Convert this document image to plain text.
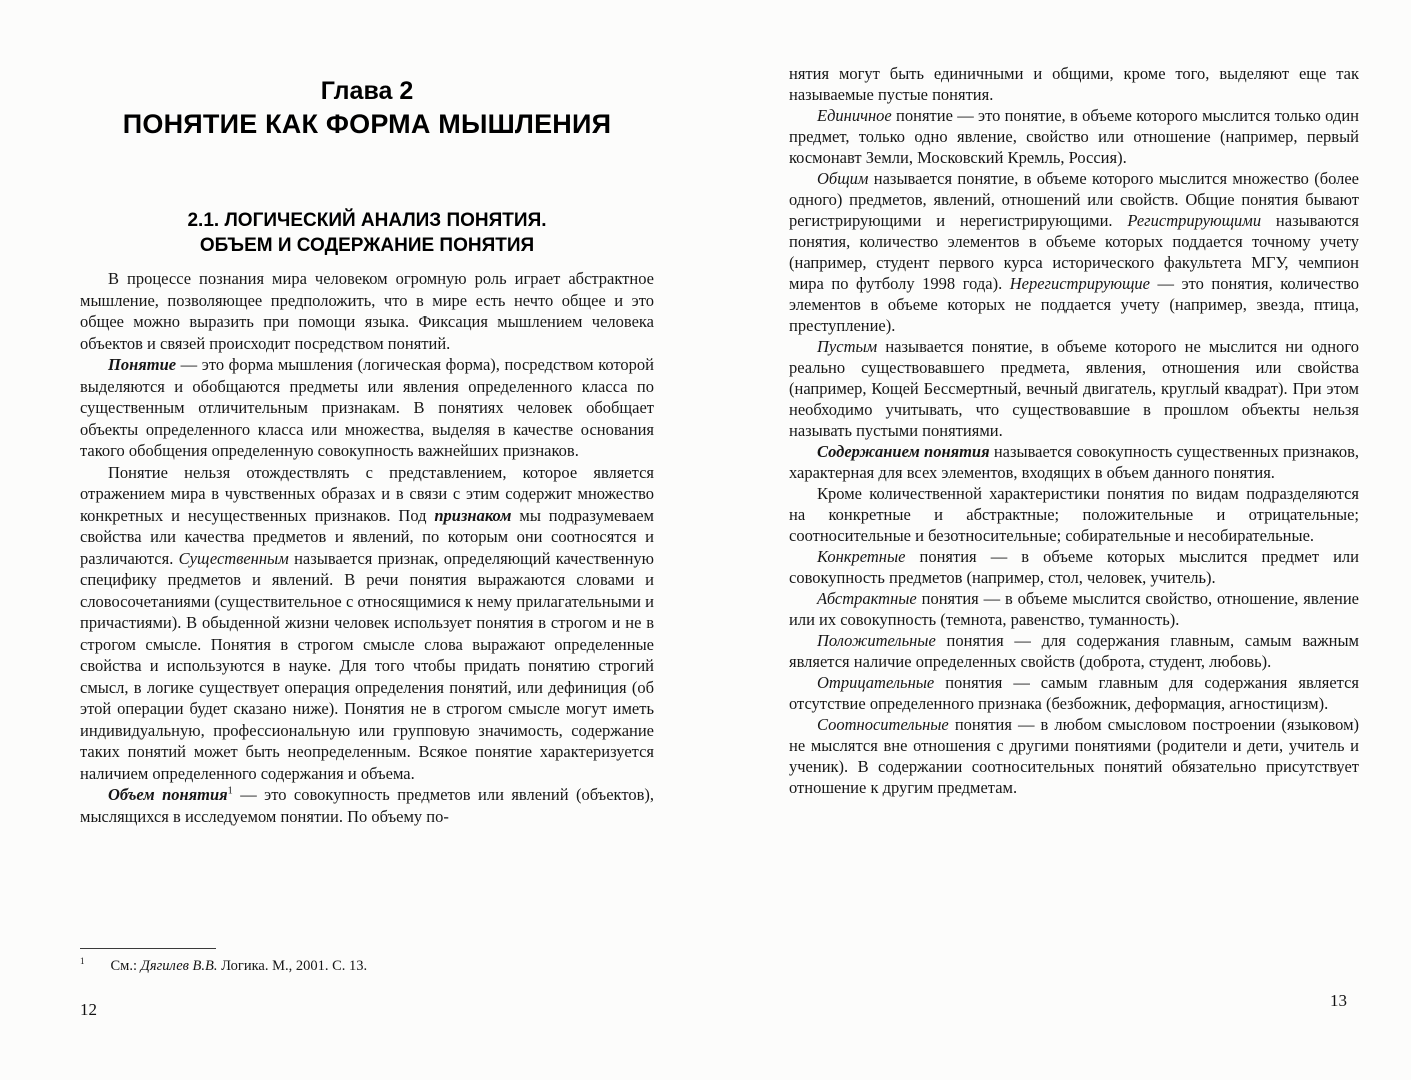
Глава 2
ПОНЯТИЕ КАК ФОРМА МЫШЛЕНИЯ
2.1. ЛОГИЧЕСКИЙ АНАЛИЗ ПОНЯТИЯ.
ОБЪЕМ И СОДЕРЖАНИЕ ПОНЯТИЯ

В процессе познания мира человеком огромную роль играет абстрактное мышление, позволяющее предположить, что в мире есть нечто общее и это общее можно выразить при помощи языка. Фиксация мышлением человека объектов и связей происходит посредством понятий.

Понятие — это форма мышления (логическая форма), посредством которой выделяются и обобщаются предметы или явления определенного класса по существенным отличительным признакам. В понятиях человек обобщает объекты определенного класса или множества, выделяя в качестве основания такого обобщения определенную совокупность важнейших признаков.

Понятие нельзя отождествлять с представлением, которое является отражением мира в чувственных образах и в связи с этим содержит множество конкретных и несущественных признаков. Под признаком мы подразумеваем свойства или качества предметов и явлений, по которым они соотносятся и различаются. Существенным называется признак, определяющий качественную специфику предметов и явлений. В речи понятия выражаются словами и словосочетаниями (существительное с относящимися к нему прилагательными и причастиями). В обыденной жизни человек использует понятия в строгом и не в строгом смысле. Понятия в строгом смысле слова выражают определенные свойства и используются в науке. Для того чтобы придать понятию строгий смысл, в логике существует операция определения понятий, или дефиниция (об этой операции будет сказано ниже). Понятия не в строгом смысле могут иметь индивидуальную, профессиональную или групповую значимость, содержание таких понятий может быть неопределенным. Всякое понятие характеризуется наличием определенного содержания и объема.

Объем понятия$^1$ — это совокупность предметов или явлений (объектов), мыслящихся в исследуемом понятии. По объему по-

$^1$ См.: Дягилев В.В. Логика. М., 2001. С. 13.

12

нятия могут быть единичными и общими, кроме того, выделяют еще так называемые пустые понятия.

Единичное понятие — это понятие, в объеме которого мыслится только один предмет, только одно явление, свойство или отношение (например, первый космонавт Земли, Московский Кремль, Россия).

Общим называется понятие, в объеме которого мыслится множество (более одного) предметов, явлений, отношений или свойств. Общие понятия бывают регистрирующими и нерегистрирующими. Регистрирующими называются понятия, количество элементов в объеме которых поддается точному учету (например, студент первого курса исторического факультета МГУ, чемпион мира по футболу 1998 года). Нерегистрирующие — это понятия, количество элементов в объеме которых не поддается учету (например, звезда, птица, преступление).

Пустым называется понятие, в объеме которого не мыслится ни одного реально существовавшего предмета, явления, отношения или свойства (например, Кощей Бессмертный, вечный двигатель, круглый квадрат). При этом необходимо учитывать, что существовавшие в прошлом объекты нельзя называть пустыми понятиями.

Содержанием понятия называется совокупность существенных признаков, характерная для всех элементов, входящих в объем данного понятия.

Кроме количественной характеристики понятия по видам подразделяются на конкретные и абстрактные; положительные и отрицательные; соотносительные и безотносительные; собирательные и несобирательные.

Конкретные понятия — в объеме которых мыслится предмет или совокупность предметов (например, стол, человек, учитель).

Абстрактные понятия — в объеме мыслится свойство, отношение, явление или их совокупность (темнота, равенство, туманность).

Положительные понятия — для содержания главным, самым важным является наличие определенных свойств (доброта, студент, любовь).

Отрицательные понятия — самым главным для содержания является отсутствие определенного признака (безбожник, деформация, агностицизм).

Соотносительные понятия — в любом смысловом построении (языковом) не мыслятся вне отношения с другими понятиями (родители и дети, учитель и ученик). В содержании соотносительных понятий обязательно присутствует отношение к другим предметам.

13
